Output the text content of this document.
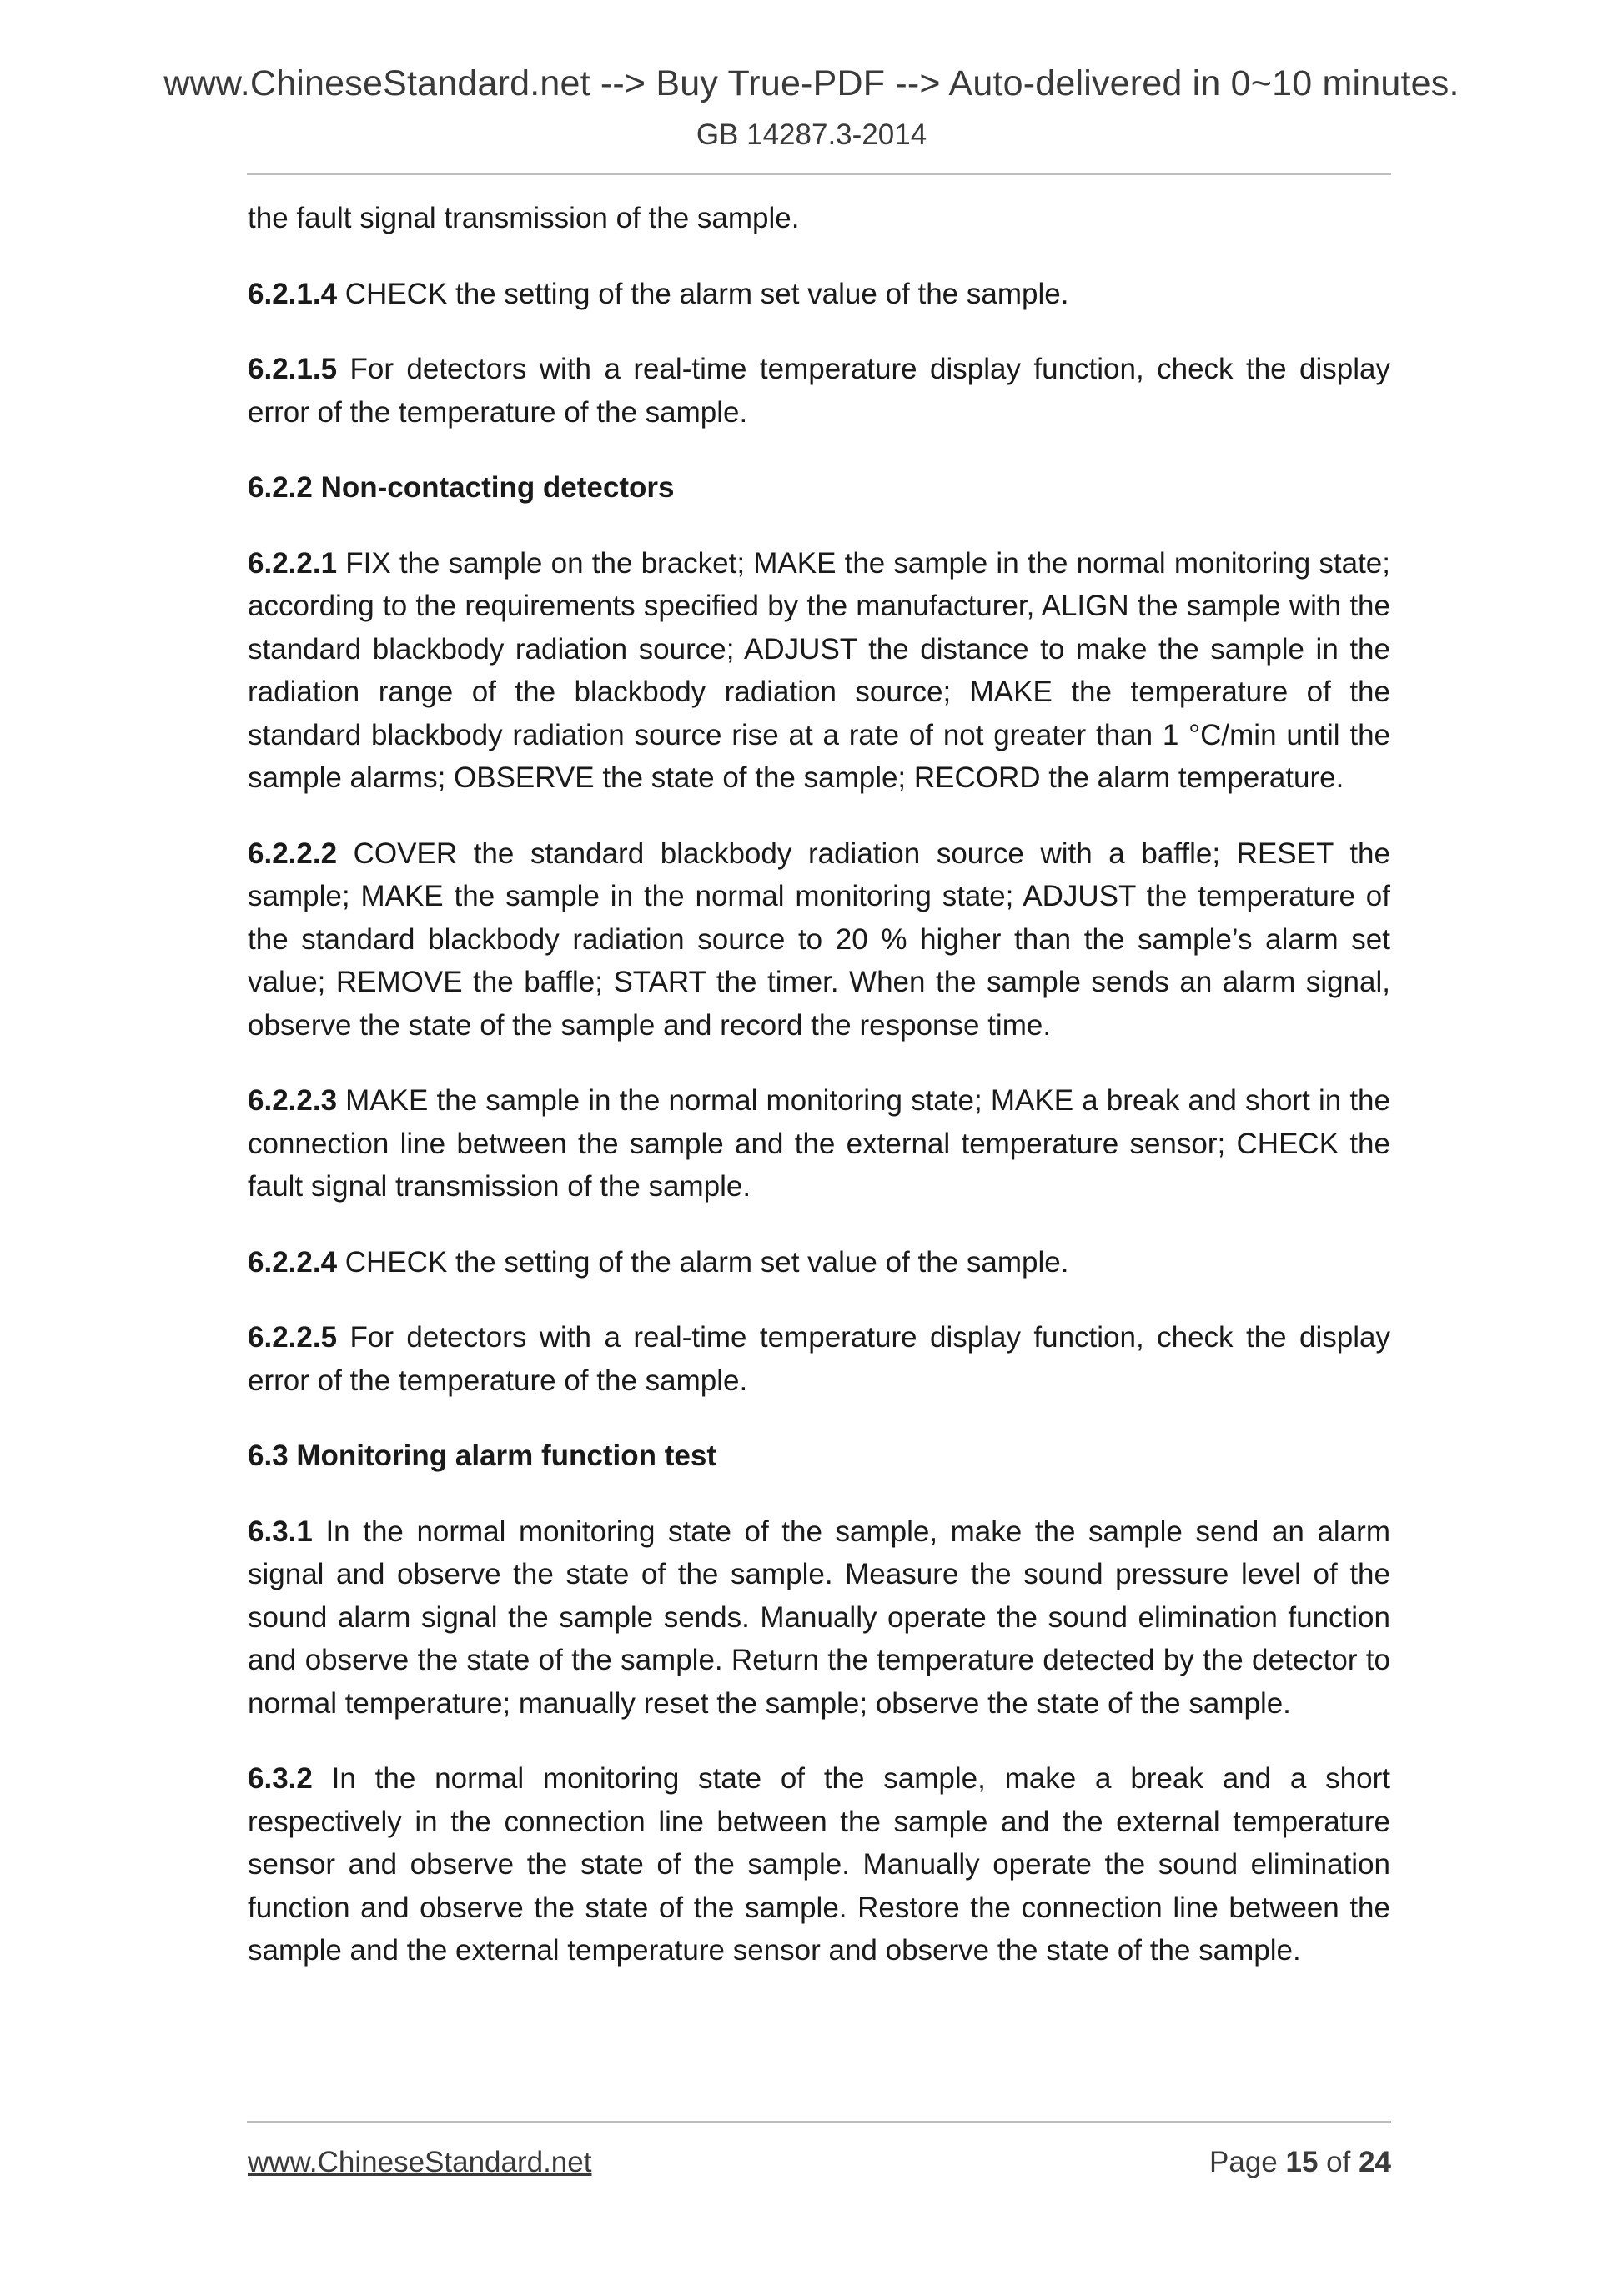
www.ChineseStandard.net --> Buy True-PDF --> Auto-delivered in 0~10 minutes.
GB 14287.3-2014

the fault signal transmission of the sample.

6.2.1.4 CHECK the setting of the alarm set value of the sample.

6.2.1.5 For detectors with a real-time temperature display function, check the display error of the temperature of the sample.

6.2.2 Non-contacting detectors

6.2.2.1 FIX the sample on the bracket; MAKE the sample in the normal monitoring state; according to the requirements specified by the manufacturer, ALIGN the sample with the standard blackbody radiation source; ADJUST the distance to make the sample in the radiation range of the blackbody radiation source; MAKE the temperature of the standard blackbody radiation source rise at a rate of not greater than 1 °C/min until the sample alarms; OBSERVE the state of the sample; RECORD the alarm temperature.

6.2.2.2 COVER the standard blackbody radiation source with a baffle; RESET the sample; MAKE the sample in the normal monitoring state; ADJUST the temperature of the standard blackbody radiation source to 20 % higher than the sample’s alarm set value; REMOVE the baffle; START the timer. When the sample sends an alarm signal, observe the state of the sample and record the response time.

6.2.2.3 MAKE the sample in the normal monitoring state; MAKE a break and short in the connection line between the sample and the external temperature sensor; CHECK the fault signal transmission of the sample.

6.2.2.4 CHECK the setting of the alarm set value of the sample.

6.2.2.5 For detectors with a real-time temperature display function, check the display error of the temperature of the sample.

6.3 Monitoring alarm function test

6.3.1 In the normal monitoring state of the sample, make the sample send an alarm signal and observe the state of the sample. Measure the sound pressure level of the sound alarm signal the sample sends. Manually operate the sound elimination function and observe the state of the sample. Return the temperature detected by the detector to normal temperature; manually reset the sample; observe the state of the sample.

6.3.2 In the normal monitoring state of the sample, make a break and a short respectively in the connection line between the sample and the external temperature sensor and observe the state of the sample. Manually operate the sound elimination function and observe the state of the sample. Restore the connection line between the sample and the external temperature sensor and observe the state of the sample.

www.ChineseStandard.net	Page 15 of 24
